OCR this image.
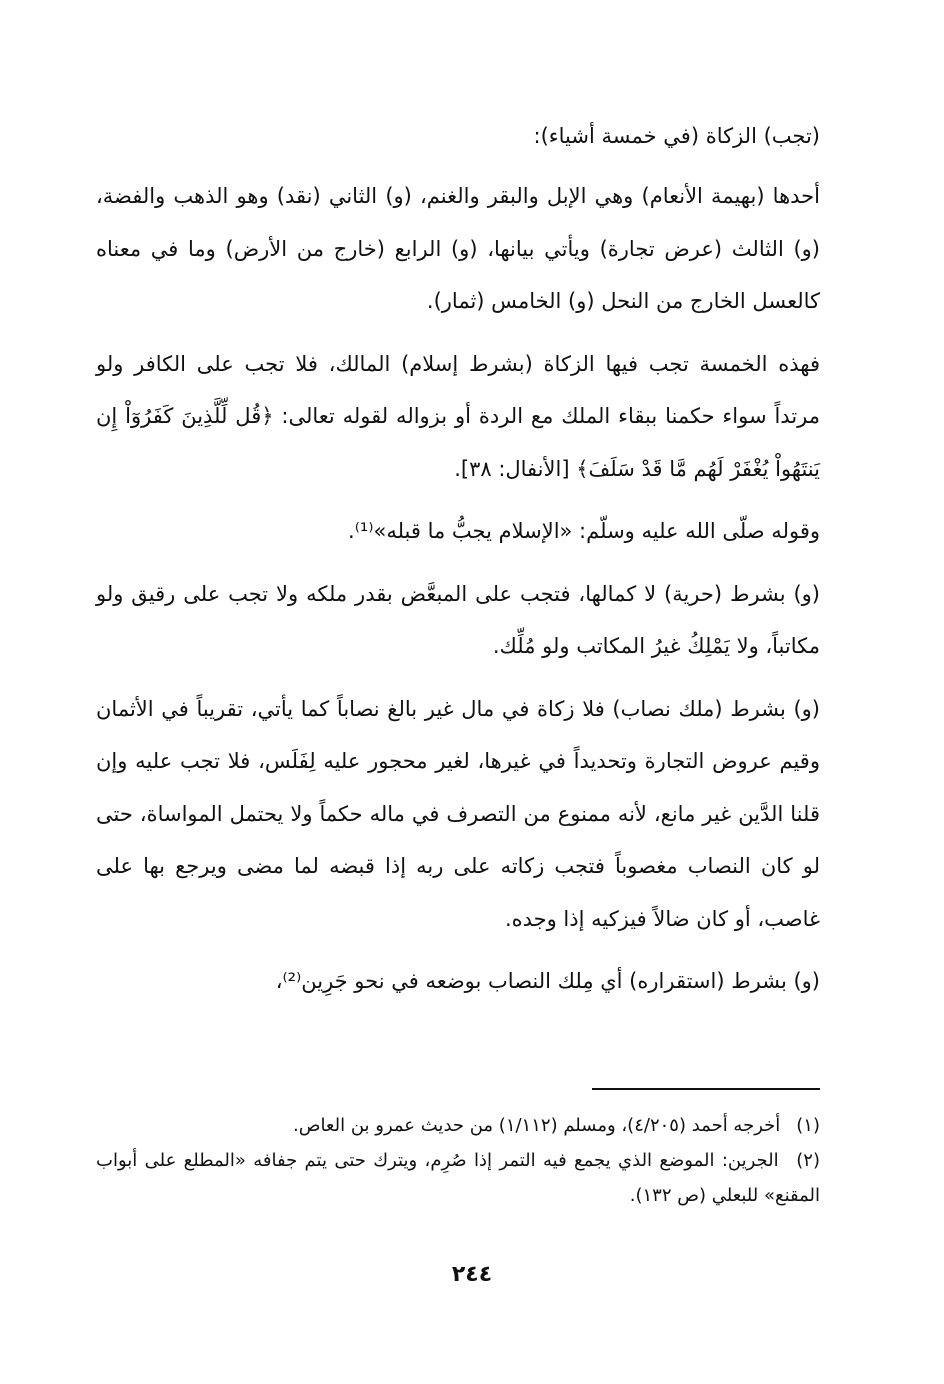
(تجب) الزكاة (في خمسة أشياء):

أحدها (بهيمة الأنعام) وهي الإبل والبقر والغنم، (و) الثاني (نقد) وهو الذهب والفضة، (و) الثالث (عرض تجارة) ويأتي بيانها، (و) الرابع (خارج من الأرض) وما في معناه كالعسل الخارج من النحل (و) الخامس (ثمار).

فهذه الخمسة تجب فيها الزكاة (بشرط إسلام) المالك، فلا تجب على الكافر ولو مرتداً سواء حكمنا ببقاء الملك مع الردة أو بزواله لقوله تعالى: ﴿قُل لِّلَّذِينَ كَفَرُوٓاْ إِن يَنتَهُواْ يُغْفَرْ لَهُم مَّا قَدْ سَلَفَ﴾ [الأنفال: ٣٨].

وقوله صلّى الله عليه وسلّم: «الإسلام يجبُّ ما قبله»⁽¹⁾.

(و) بشرط (حرية) لا كمالها، فتجب على المبعَّض بقدر ملكه ولا تجب على رقيق ولو مكاتباً، ولا يَمْلِكُ غيرُ المكاتب ولو مُلِّك.

(و) بشرط (ملك نصاب) فلا زكاة في مال غير بالغ نصاباً كما يأتي، تقريباً في الأثمان وقيم عروض التجارة وتحديداً في غيرها، لغير محجور عليه لِفَلَس، فلا تجب عليه وإن قلنا الدَّين غير مانع، لأنه ممنوع من التصرف في ماله حكماً ولا يحتمل المواساة، حتى لو كان النصاب مغصوباً فتجب زكاته على ربه إذا قبضه لما مضى ويرجع بها على غاصب، أو كان ضالاً فيزكيه إذا وجده.

(و) بشرط (استقراره) أي مِلك النصاب بوضعه في نحو جَرِين⁽²⁾،

(١) أخرجه أحمد (٤/٢٠٥)، ومسلم (١/١١٢) من حديث عمرو بن العاص.

(٢) الجرين: الموضع الذي يجمع فيه التمر إذا صُرِم، ويترك حتى يتم جفافه «المطلع على أبواب المقنع» للبعلي (ص ١٣٢).

٢٤٤
